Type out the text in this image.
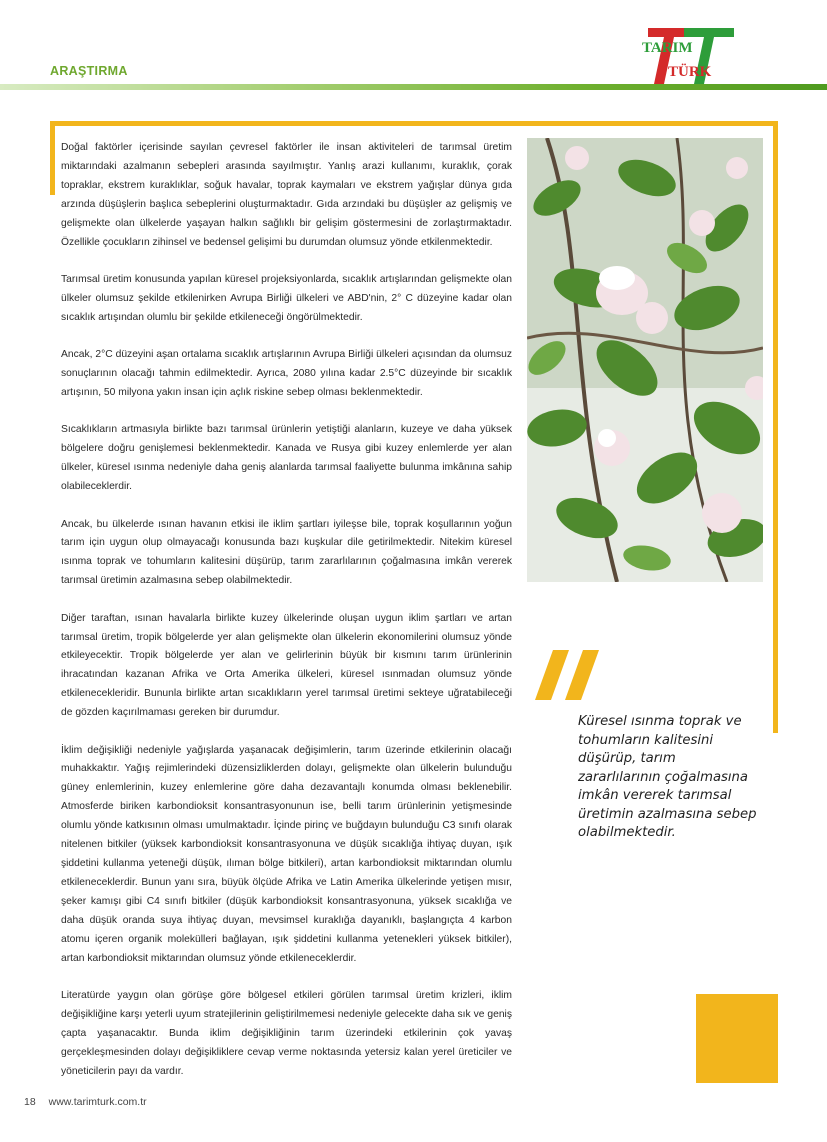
ARAŞTIRMA
TARIM
TÜRK

Doğal faktörler içerisinde sayılan çevresel faktörler ile insan aktiviteleri de tarımsal üretim miktarındaki azalmanın sebepleri arasında sayılmıştır. Yanlış arazi kullanımı, kuraklık, çorak topraklar, ekstrem kuraklıklar, soğuk havalar, toprak kaymaları ve ekstrem yağışlar dünya gıda arzında düşüşlerin başlıca sebeplerini oluşturmaktadır. Gıda arzındaki bu düşüşler az gelişmiş ve gelişmekte olan ülkelerde yaşayan halkın sağlıklı bir gelişim göstermesini de zorlaştırmaktadır. Özellikle çocukların zihinsel ve bedensel gelişimi bu durumdan olumsuz yönde etkilenmektedir.

Tarımsal üretim konusunda yapılan küresel projeksiyonlarda, sıcaklık artışlarından gelişmekte olan ülkeler olumsuz şekilde etkilenirken Avrupa Birliği ülkeleri ve ABD'nin, 2° C düzeyine kadar olan sıcaklık artışından olumlu bir şekilde etkileneceği öngörülmektedir.

Ancak, 2°C düzeyini aşan ortalama sıcaklık artışlarının Avrupa Birliği ülkeleri açısından da olumsuz sonuçlarının olacağı tahmin edilmektedir. Ayrıca, 2080 yılına kadar 2.5°C düzeyinde bir sıcaklık artışının, 50 milyona yakın insan için açlık riskine sebep olması beklenmektedir.

Sıcaklıkların artmasıyla birlikte bazı tarımsal ürünlerin yetiştiği alanların, kuzeye ve daha yüksek bölgelere doğru genişlemesi beklenmektedir. Kanada ve Rusya gibi kuzey enlemlerde yer alan ülkeler, küresel ısınma nedeniyle daha geniş alanlarda tarımsal faaliyette bulunma imkânına sahip olabileceklerdir.

Ancak, bu ülkelerde ısınan havanın etkisi ile iklim şartları iyileşse bile, toprak koşullarının yoğun tarım için uygun olup olmayacağı konusunda bazı kuşkular dile getirilmektedir. Nitekim küresel ısınma toprak ve tohumların kalitesini düşürüp, tarım zararlılarının çoğalmasına imkân vererek tarımsal üretimin azalmasına sebep olabilmektedir.

Diğer taraftan, ısınan havalarla birlikte kuzey ülkelerinde oluşan uygun iklim şartları ve artan tarımsal üretim, tropik bölgelerde yer alan gelişmekte olan ülkelerin ekonomilerini olumsuz yönde etkileyecektir. Tropik bölgelerde yer alan ve gelirlerinin büyük bir kısmını tarım ürünlerinin ihracatından kazanan Afrika ve Orta Amerika ülkeleri, küresel ısınmadan olumsuz yönde etkilenecekleridir. Bununla birlikte artan sıcaklıkların yerel tarımsal üretimi sekteye uğratabileceği de gözden kaçırılmaması gereken bir durumdur.

İklim değişikliği nedeniyle yağışlarda yaşanacak değişimlerin, tarım üzerinde etkilerinin olacağı muhakkaktır. Yağış rejimlerindeki düzensizliklerden dolayı, gelişmekte olan ülkelerin bulunduğu güney enlemlerinin, kuzey enlemlerine göre daha dezavantajlı konumda olması beklenebilir. Atmosferde biriken karbondioksit konsantrasyonunun ise, belli tarım ürünlerinin yetişmesinde olumlu yönde katkısının olması umulmaktadır. İçinde pirinç ve buğdayın bulunduğu C3 sınıfı olarak nitelenen bitkiler (yüksek karbondioksit konsantrasyonuna ve düşük sıcaklığa ihtiyaç duyan, ışık şiddetini kullanma yeteneği düşük, ılıman bölge bitkileri), artan karbondioksit miktarından olumlu etkileneceklerdir. Bunun yanı sıra, büyük ölçüde Afrika ve Latin Amerika ülkelerinde yetişen mısır, şeker kamışı gibi C4 sınıfı bitkiler (düşük karbondioksit konsantrasyonuna, yüksek sıcaklığa ve daha düşük oranda suya ihtiyaç duyan, mevsimsel kuraklığa dayanıklı, başlangıçta 4 karbon atomu içeren organik molekülleri bağlayan, ışık şiddetini kullanma yetenekleri yüksek bitkiler), artan karbondioksit miktarından olumsuz yönde etkileneceklerdir.

Literatürde yaygın olan görüşe göre bölgesel etkileri görülen tarımsal üretim krizleri, iklim değişikliğine karşı yeterli uyum stratejilerinin geliştirilmemesi nedeniyle gelecekte daha sık ve geniş çapta yaşanacaktır. Bunda iklim değişikliğinin tarım üzerindeki etkilerinin çok yavaş gerçekleşmesinden dolayı değişikliklere cevap verme noktasında yetersiz kalan yerel üreticiler ve yöneticilerin payı da vardır.

Küresel ısınma toprak ve tohumların kalitesini düşürüp, tarım zararlılarının çoğalmasına imkân vererek tarımsal üretimin azalmasına sebep olabilmektedir.
18 www.tarimturk.com.tr
